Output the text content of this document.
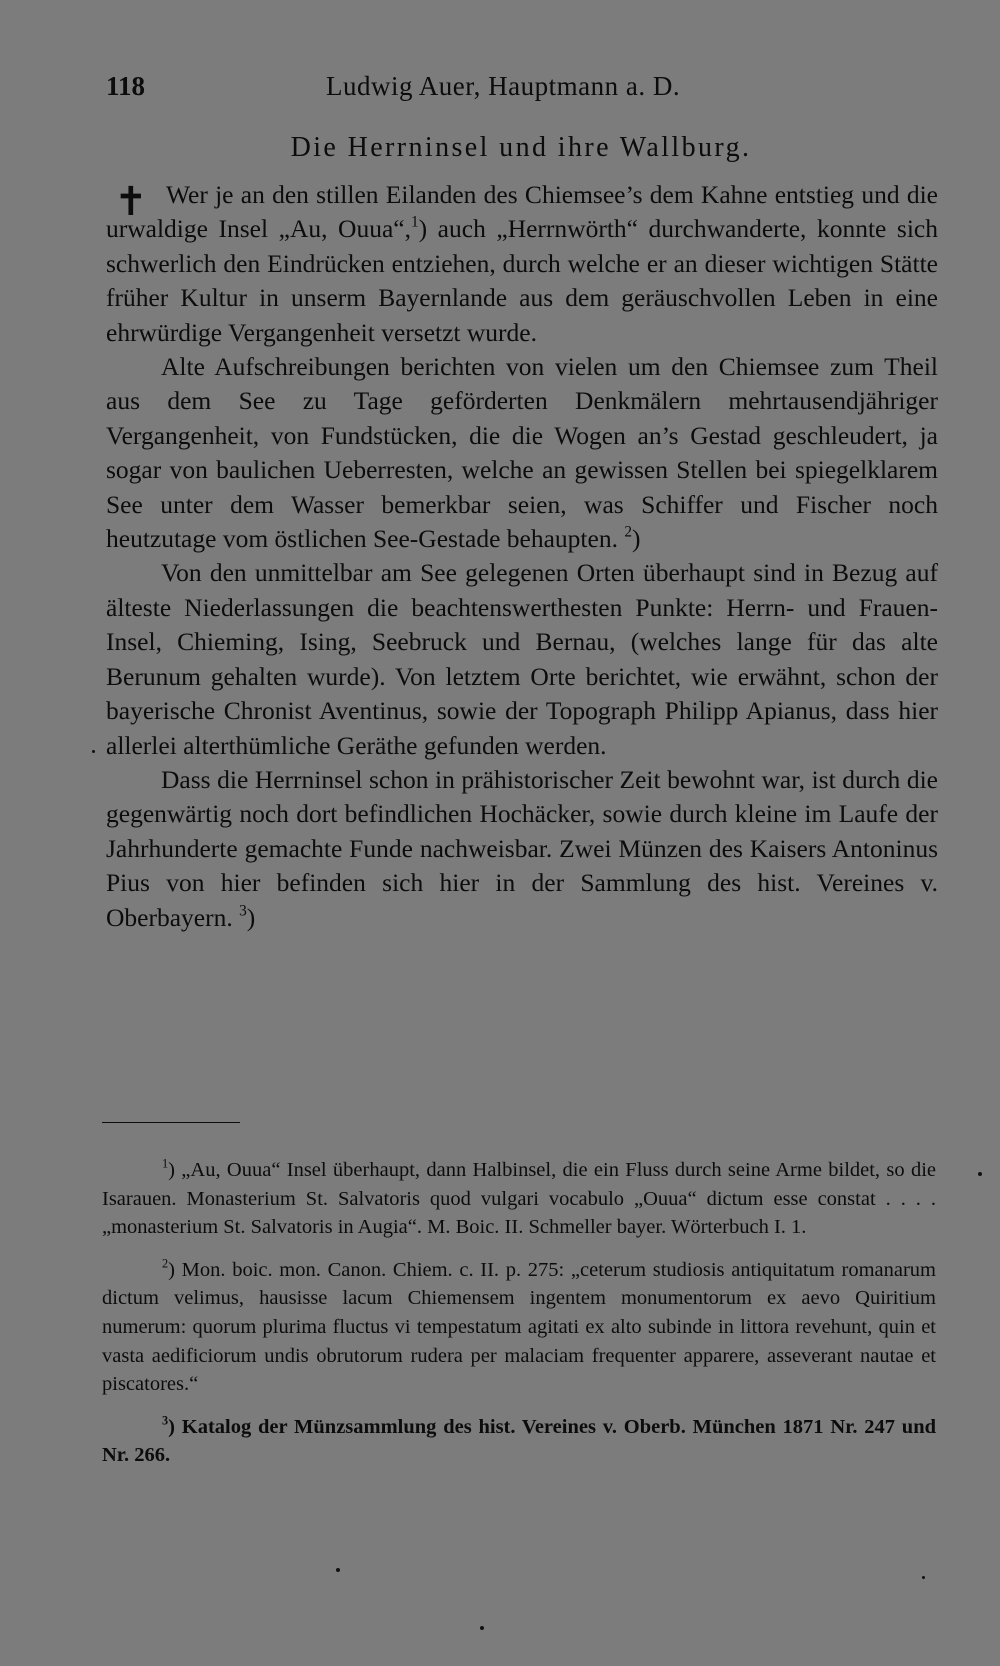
118	Ludwig Auer, Hauptmann a. D.
Die Herrninsel und ihre Wallburg.
✝ Wer je an den stillen Eilanden des Chiemsee’s dem Kahne entstieg und die urwaldige Insel „Au, Ouua“,$^1$) auch „Herrnwörth“ durchwanderte, konnte sich schwerlich den Eindrücken entziehen, durch welche er an dieser wichtigen Stätte früher Kultur in unserm Bayernlande aus dem geräuschvollen Leben in eine ehrwürdige Vergangenheit versetzt wurde.

Alte Aufschreibungen berichten von vielen um den Chiemsee zum Theil aus dem See zu Tage geförderten Denkmälern mehrtausendjähriger Vergangenheit, von Fundstücken, die die Wogen an’s Gestad geschleudert, ja sogar von baulichen Ueberresten, welche an gewissen Stellen bei spiegelklarem See unter dem Wasser bemerkbar seien, was Schiffer und Fischer noch heutzutage vom östlichen See-Gestade behaupten. $^2$)

Von den unmittelbar am See gelegenen Orten überhaupt sind in Bezug auf älteste Niederlassungen die beachtenswerthesten Punkte: Herrn- und Frauen-Insel, Chieming, Ising, Seebruck und Bernau, (welches lange für das alte Berunum gehalten wurde). Von letztem Orte berichtet, wie erwähnt, schon der bayerische Chronist Aventinus, sowie der Topograph Philipp Apianus, dass hier allerlei alterthümliche Geräthe gefunden werden.

Dass die Herrninsel schon in prähistorischer Zeit bewohnt war, ist durch die gegenwärtig noch dort befindlichen Hochäcker, sowie durch kleine im Laufe der Jahrhunderte gemachte Funde nachweisbar. Zwei Münzen des Kaisers Antoninus Pius von hier befinden sich hier in der Sammlung des hist. Vereines v. Oberbayern. $^3$)

$^1$) „Au, Ouua“ Insel überhaupt, dann Halbinsel, die ein Fluss durch seine Arme bildet, so die Isarauen. Monasterium St. Salvatoris quod vulgari vocabulo „Ouua“ dictum esse constat . . . . „monasterium St. Salvatoris in Augia“. M. Boic. II. Schmeller bayer. Wörterbuch I. 1.

$^2$) Mon. boic. mon. Canon. Chiem. c. II. p. 275: „ceterum studiosis antiquitatum romanarum dictum velimus, hausisse lacum Chiemensem ingentem monumentorum ex aevo Quiritium numerum: quorum plurima fluctus vi tempestatum agitati ex alto subinde in littora revehunt, quin et vasta aedificiorum undis obrutorum rudera per malaciam frequenter apparere, asseverant nautae et piscatores.“

$^3$) Katalog der Münzsammlung des hist. Vereines v. Oberb. München 1871 Nr. 247 und Nr. 266.
